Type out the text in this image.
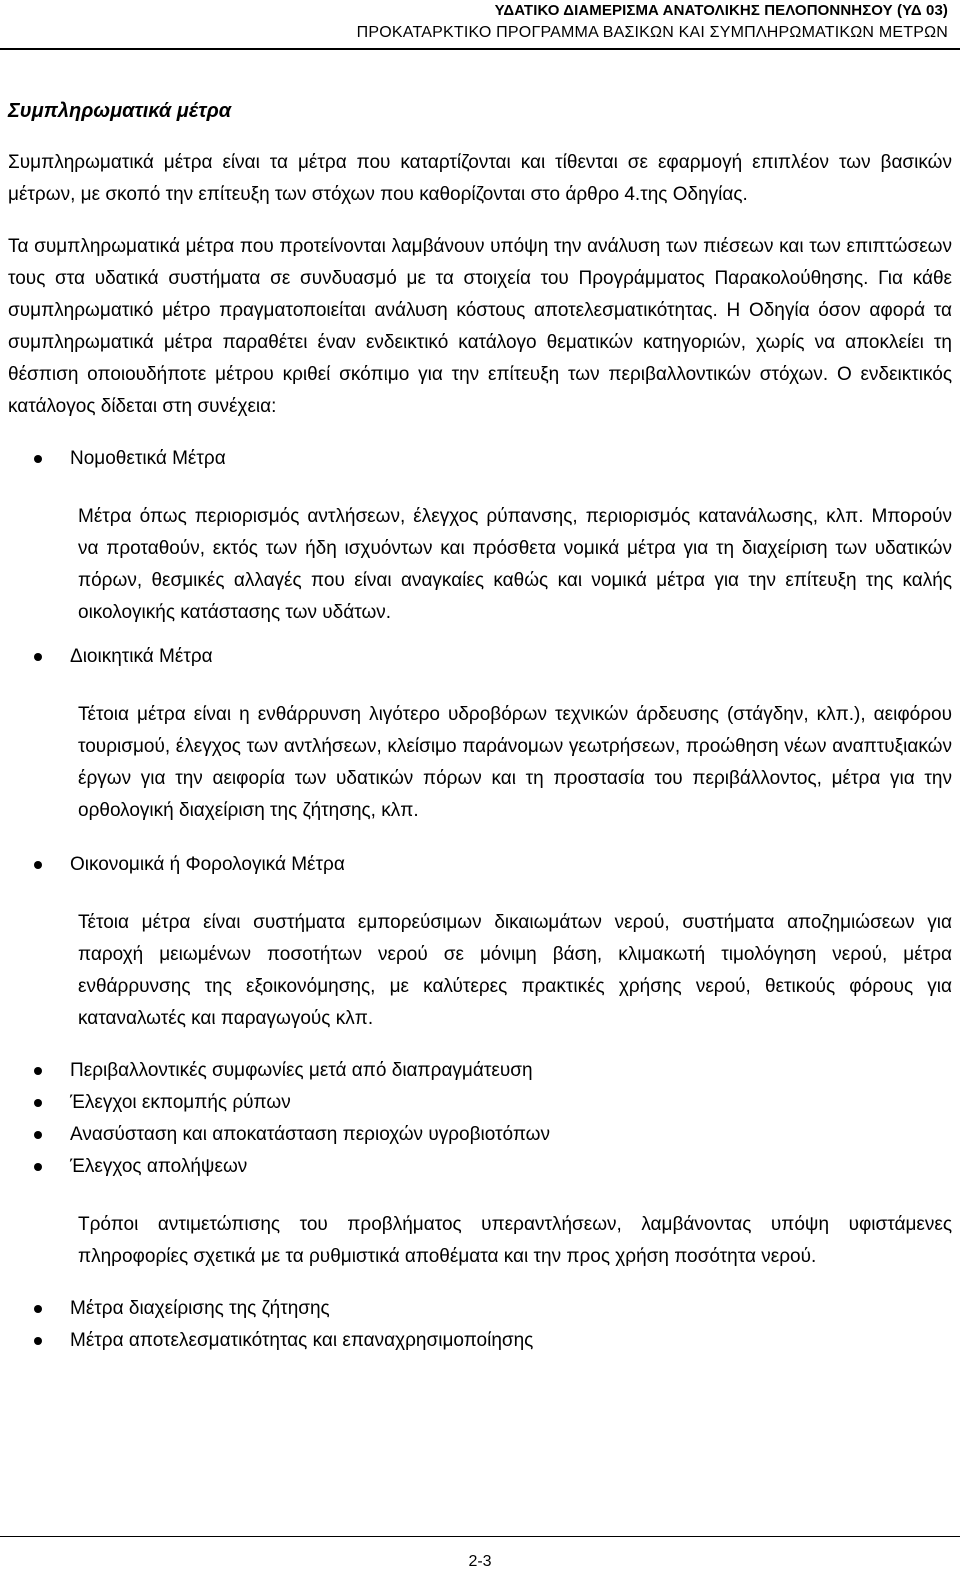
ΥΔΑΤΙΚΟ ΔΙΑΜΕΡΙΣΜΑ ΑΝΑΤΟΛΙΚΗΣ ΠΕΛΟΠΟΝΝΗΣΟΥ (ΥΔ 03)
ΠΡΟΚΑΤΑΡΚΤΙΚΟ ΠΡΟΓΡΑΜΜΑ ΒΑΣΙΚΩΝ ΚΑΙ ΣΥΜΠΛΗΡΩΜΑΤΙΚΩΝ ΜΕΤΡΩΝ
Συμπληρωματικά μέτρα

Συμπληρωματικά μέτρα είναι τα μέτρα που καταρτίζονται και τίθενται σε εφαρμογή επιπλέον των βασικών μέτρων, με σκοπό την επίτευξη των στόχων που καθορίζονται στο άρθρο 4.της Οδηγίας.

Τα συμπληρωματικά μέτρα που προτείνονται λαμβάνουν υπόψη την ανάλυση των πιέσεων και των επιπτώσεων τους στα υδατικά συστήματα σε συνδυασμό με τα στοιχεία του Προγράμματος Παρακολούθησης. Για κάθε συμπληρωματικό μέτρο πραγματοποιείται ανάλυση κόστους αποτελεσματικότητας. Η Οδηγία όσον αφορά τα συμπληρωματικά μέτρα παραθέτει έναν ενδεικτικό κατάλογο θεματικών κατηγοριών, χωρίς να αποκλείει τη θέσπιση οποιουδήποτε μέτρου κριθεί σκόπιμο για την επίτευξη των περιβαλλοντικών στόχων. Ο ενδεικτικός κατάλογος δίδεται στη συνέχεια:

Νομοθετικά Μέτρα

Μέτρα όπως περιορισμός αντλήσεων, έλεγχος ρύπανσης, περιορισμός κατανάλωσης, κλπ. Μπορούν να προταθούν, εκτός των ήδη ισχυόντων και πρόσθετα νομικά μέτρα για τη διαχείριση των υδατικών πόρων, θεσμικές αλλαγές που είναι αναγκαίες καθώς και νομικά μέτρα για την επίτευξη της καλής οικολογικής κατάστασης των υδάτων.

Διοικητικά Μέτρα

Τέτοια μέτρα είναι η ενθάρρυνση λιγότερο υδροβόρων τεχνικών άρδευσης (στάγδην, κλπ.), αειφόρου τουρισμού, έλεγχος των αντλήσεων, κλείσιμο παράνομων γεωτρήσεων, προώθηση νέων αναπτυξιακών έργων για την αειφορία των υδατικών πόρων και τη προστασία του περιβάλλοντος, μέτρα για την ορθολογική διαχείριση της ζήτησης, κλπ.

Οικονομικά ή Φορολογικά Μέτρα

Τέτοια μέτρα είναι συστήματα εμπορεύσιμων δικαιωμάτων νερού, συστήματα αποζημιώσεων για παροχή μειωμένων ποσοτήτων νερού σε μόνιμη βάση, κλιμακωτή τιμολόγηση νερού, μέτρα ενθάρρυνσης της εξοικονόμησης, με καλύτερες πρακτικές χρήσης νερού, θετικούς φόρους για καταναλωτές και παραγωγούς κλπ.

Περιβαλλοντικές συμφωνίες μετά από διαπραγμάτευση
Έλεγχοι εκπομπής ρύπων
Ανασύσταση και αποκατάσταση περιοχών υγροβιοτόπων
Έλεγχος απολήψεων

Τρόποι αντιμετώπισης του προβλήματος υπεραντλήσεων, λαμβάνοντας υπόψη υφιστάμενες πληροφορίες σχετικά με τα ρυθμιστικά αποθέματα και την προς χρήση ποσότητα νερού.

Μέτρα διαχείρισης της ζήτησης
Μέτρα αποτελεσματικότητας και επαναχρησιμοποίησης
2-3
